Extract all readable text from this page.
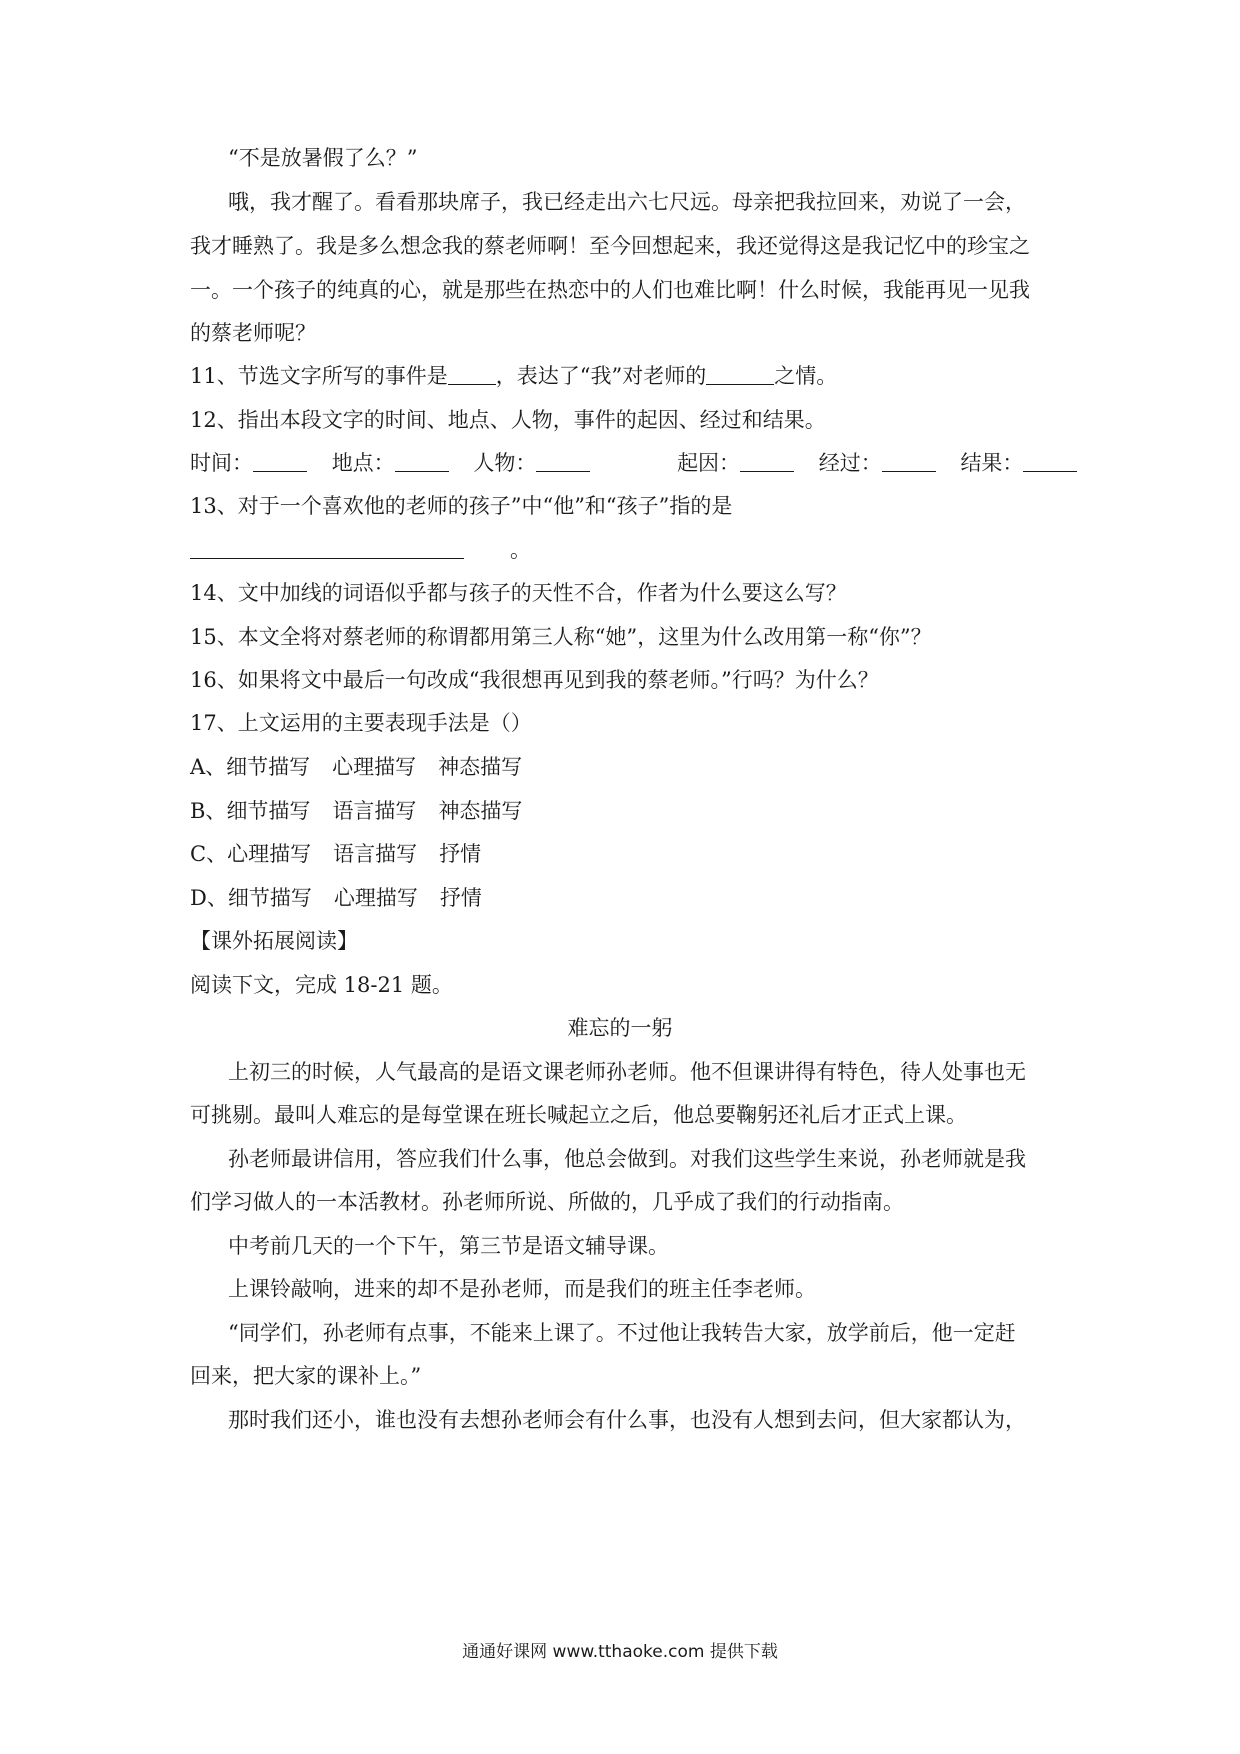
“不是放暑假了么？”
哦，我才醒了。看看那块席子，我已经走出六七尺远。母亲把我拉回来，劝说了一会，
我才睡熟了。我是多么想念我的蔡老师啊！至今回想起来，我还觉得这是我记忆中的珍宝之
一。一个孩子的纯真的心，就是那些在热恋中的人们也难比啊！什么时候，我能再见一见我
的蔡老师呢？
11、节选文字所写的事件是 ，表达了“我”对老师的	之情。
12、指出本段文字的时间、地点、人物，事件的起因、经过和结果。
时间：	地点：	人物：	起因：	经过：	结果：
13、对于一个喜欢他的老师的孩子”中“他”和“孩子”指的是
。
14、文中加线的词语似乎都与孩子的天性不合，作者为什么要这么写？
15、本文全将对蔡老师的称谓都用第三人称“她”，这里为什么改用第一称“你”？
16、如果将文中最后一句改成“我很想再见到我的蔡老师。”行吗？为什么？
17、上文运用的主要表现手法是（）
A、细节描写 心理描写 神态描写
B、细节描写 语言描写 神态描写
C、心理描写 语言描写 抒情
D、细节描写 心理描写 抒情
【课外拓展阅读】
阅读下文，完成 18-21 题。
难忘的一躬
上初三的时候，人气最高的是语文课老师孙老师。他不但课讲得有特色，待人处事也无
可挑剔。最叫人难忘的是每堂课在班长喊起立之后，他总要鞠躬还礼后才正式上课。
孙老师最讲信用，答应我们什么事，他总会做到。对我们这些学生来说，孙老师就是我
们学习做人的一本活教材。孙老师所说、所做的，几乎成了我们的行动指南。
中考前几天的一个下午，第三节是语文辅导课。
上课铃敲响，进来的却不是孙老师，而是我们的班主任李老师。
“同学们，孙老师有点事，不能来上课了。不过他让我转告大家，放学前后，他一定赶
回来，把大家的课补上。”
那时我们还小，谁也没有去想孙老师会有什么事，也没有人想到去问，但大家都认为，
通通好课网 www.tthaoke.com 提供下载
